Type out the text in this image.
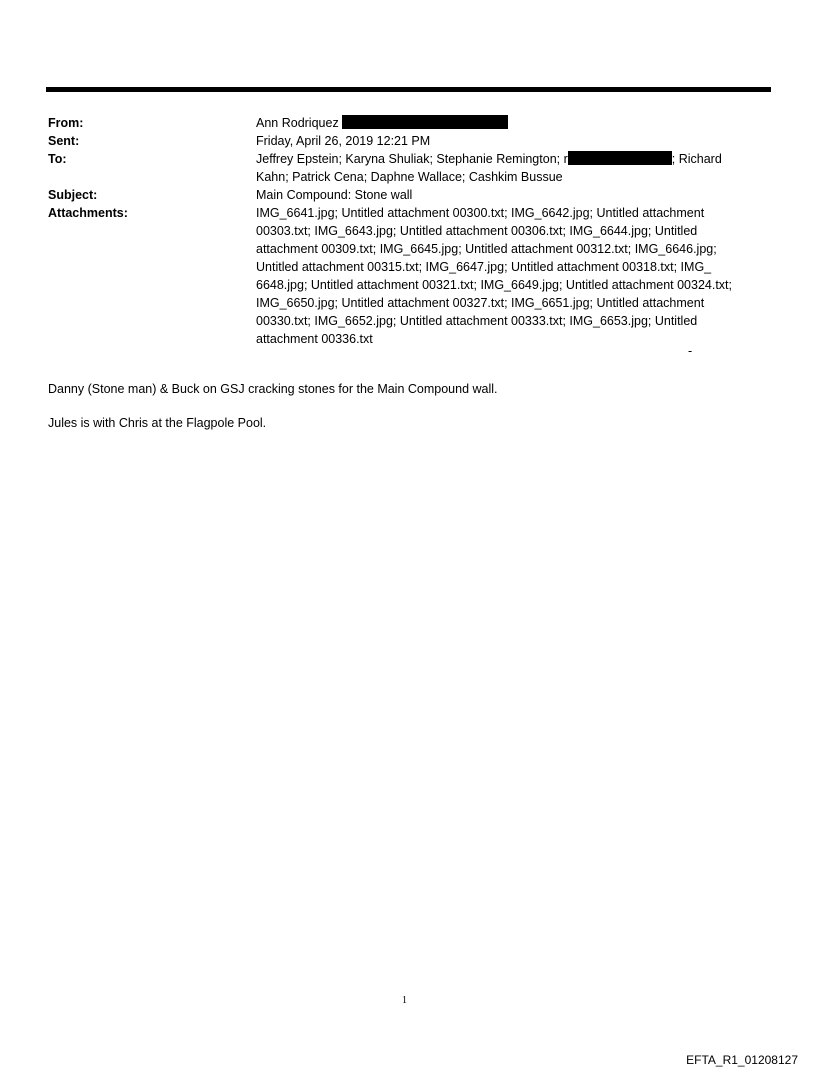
From:	Ann Rodriquez
Sent:	Friday, April 26, 2019 12:21 PM
To:	Jeffrey Epstein; Karyna Shuliak; Stephanie Remington; r	; Richard
Kahn; Patrick Cena; Daphne Wallace; Cashkim Bussue
Subject:	Main Compound: Stone wall
Attachments:	IMG_6641.jpg; Untitled attachment 00300.txt; IMG_6642.jpg; Untitled attachment
00303.txt; IMG_6643.jpg; Untitled attachment 00306.txt; IMG_6644.jpg; Untitled
attachment 00309.txt; IMG_6645.jpg; Untitled attachment 00312.txt; IMG_6646.jpg;
Untitled attachment 00315.txt; IMG_6647.jpg; Untitled attachment 00318.txt; IMG_
6648.jpg; Untitled attachment 00321.txt; IMG_6649.jpg; Untitled attachment 00324.txt;
IMG_6650.jpg; Untitled attachment 00327.txt; IMG_6651.jpg; Untitled attachment
00330.txt; IMG_6652.jpg; Untitled attachment 00333.txt; IMG_6653.jpg; Untitled
attachment 00336.txt
-
Danny (Stone man) & Buck on GSJ cracking stones for the Main Compound wall.
Jules is with Chris at the Flagpole Pool.
1
EFTA_R1_01208127
